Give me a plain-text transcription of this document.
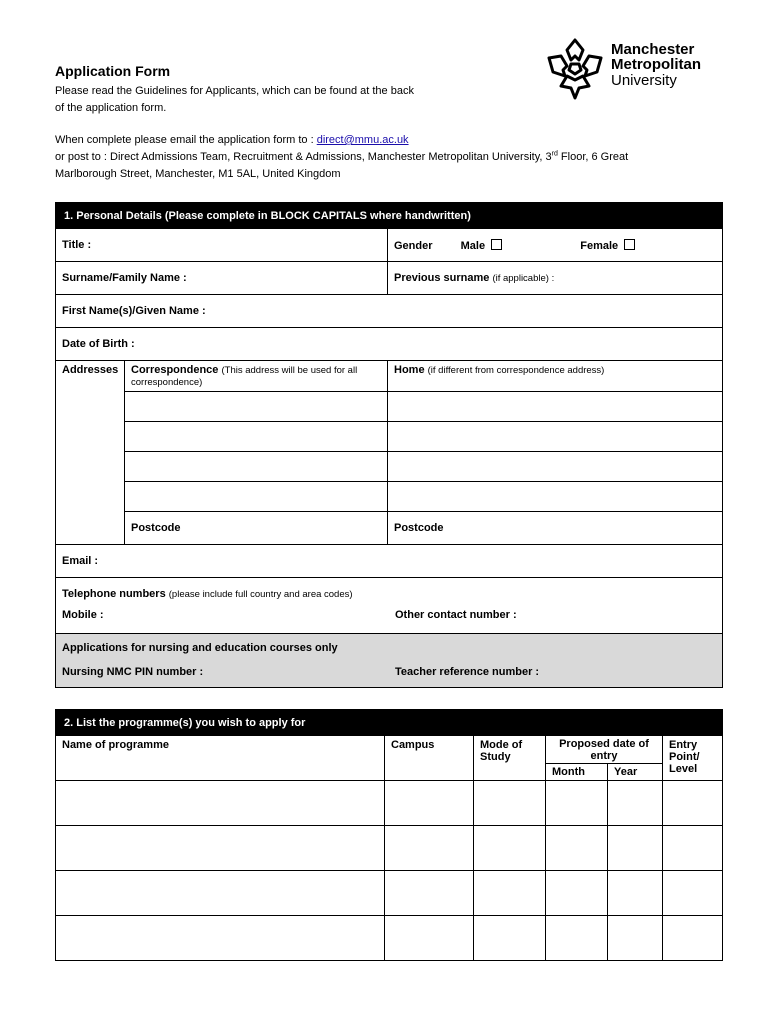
Application Form
Please read the Guidelines for Applicants, which can be found at the back
of the application form.
When complete please email the application form to : direct@mmu.ac.uk
or post to : Direct Admissions Team, Recruitment & Admissions, Manchester Metropolitan University, 3rd Floor, 6 Great
Marlborough Street, Manchester, M1 5AL, United Kingdom
Manchester
Metropolitan
University
1. Personal Details (Please complete in BLOCK CAPITALS where handwritten)		
Title :		Gender Male Female
Surname/Family Name :		Previous surname (if applicable) :
First Name(s)/Given Name :		
Date of Birth :		
Addresses	Correspondence (This address will be used for all correspondence)	Home (if different from correspondence address)

	Postcode	Postcode
Email :		

Telephone numbers (please include full country and area codes)
Mobile : Other contact number :		

Applications for nursing and education courses only
Nursing NMC PIN number : Teacher reference number :		
2. List the programme(s) you wish to apply for					
Name of programme	Campus	Mode of Study	Proposed date of entry		Entry Point/ Level
			Month	Year	
